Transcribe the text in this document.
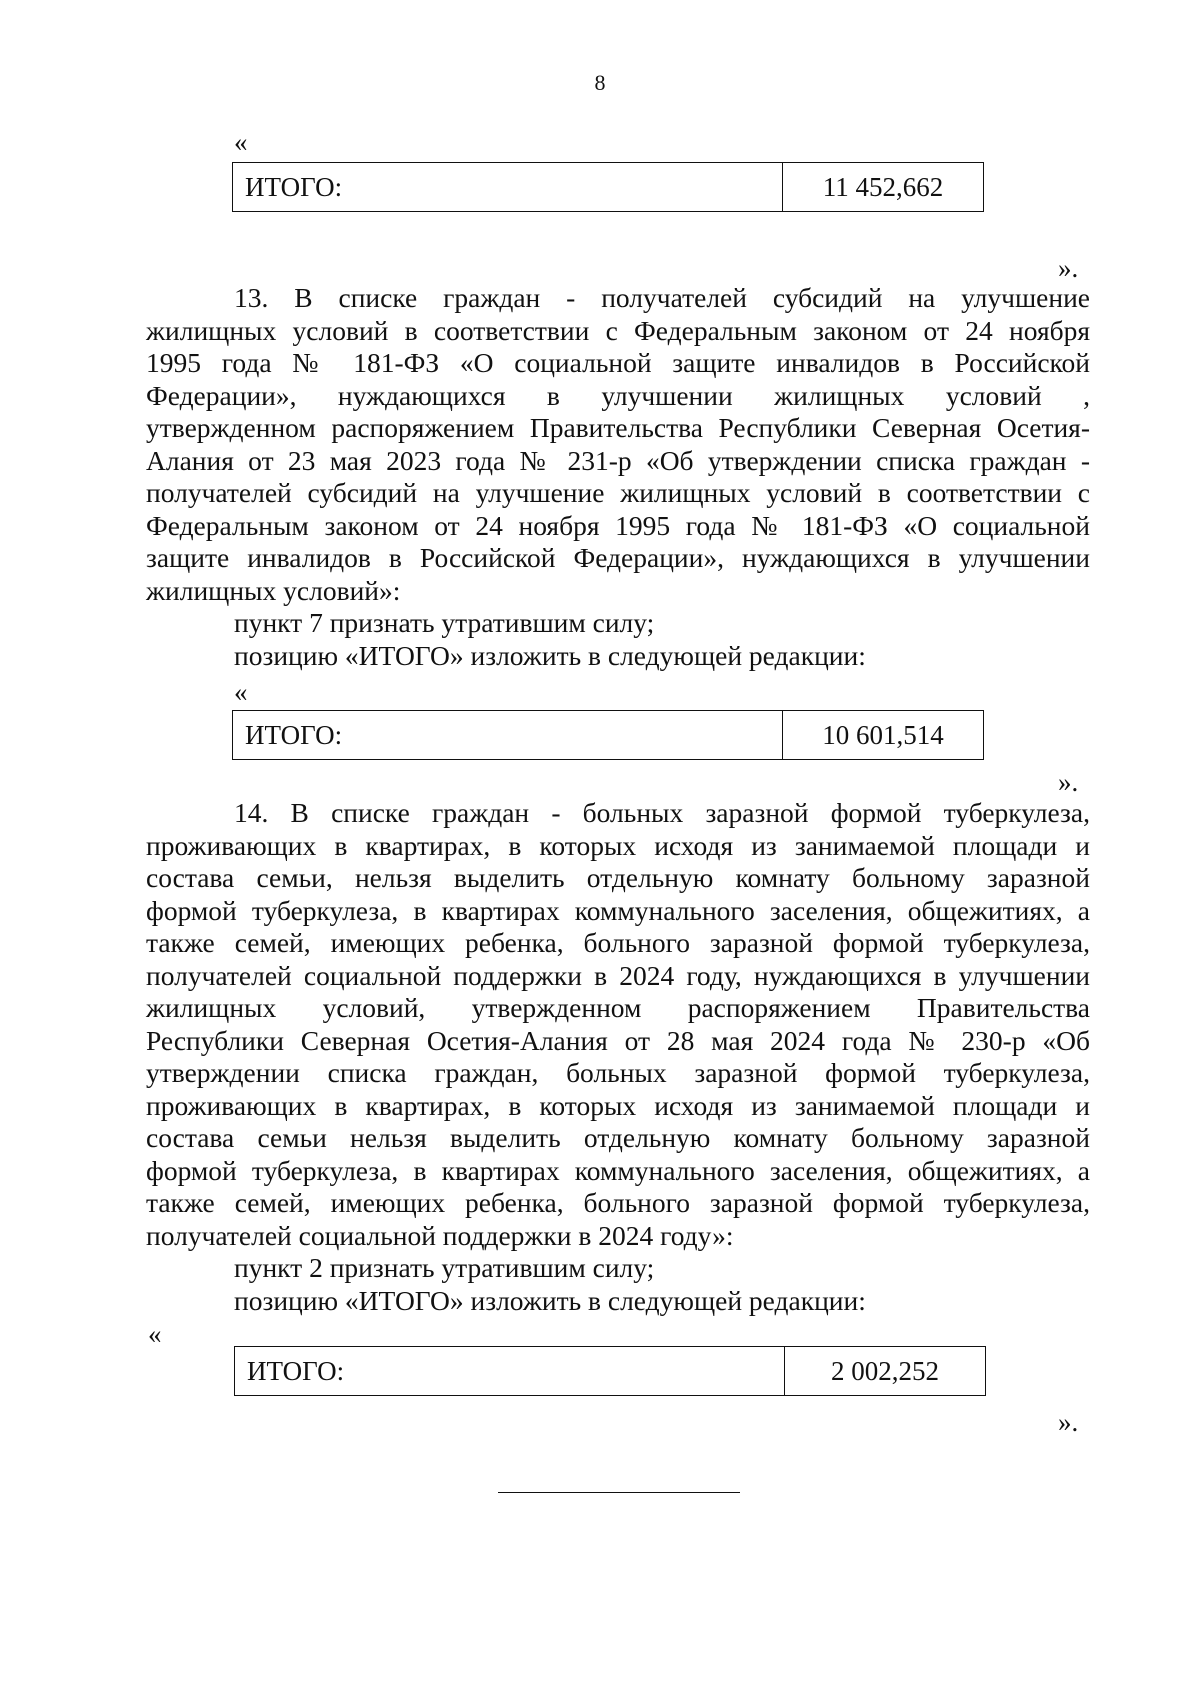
8
«
ИТОГО:	11 452,662
».
13. В списке граждан - получателей субсидий на улучшение
жилищных условий в соответствии с Федеральным законом от 24 ноября
1995 года № 181-ФЗ «О социальной защите инвалидов в Российской
Федерации», нуждающихся в улучшении жилищных условий ,
утвержденном распоряжением Правительства Республики Северная Осетия-
Алания от 23 мая 2023 года № 231-р «Об утверждении списка граждан -
получателей субсидий на улучшение жилищных условий в соответствии с
Федеральным законом от 24 ноября 1995 года № 181-ФЗ «О социальной
защите инвалидов в Российской Федерации», нуждающихся в улучшении
жилищных условий»:
пункт 7 признать утратившим силу;
позицию «ИТОГО» изложить в следующей редакции:
«
ИТОГО:	10 601,514
».
14. В списке граждан - больных заразной формой туберкулеза,
проживающих в квартирах, в которых исходя из занимаемой площади и
состава семьи, нельзя выделить отдельную комнату больному заразной
формой туберкулеза, в квартирах коммунального заселения, общежитиях, а
также семей, имеющих ребенка, больного заразной формой туберкулеза,
получателей социальной поддержки в 2024 году, нуждающихся в улучшении
жилищных условий, утвержденном распоряжением Правительства
Республики Северная Осетия-Алания от 28 мая 2024 года № 230-р «Об
утверждении списка граждан, больных заразной формой туберкулеза,
проживающих в квартирах, в которых исходя из занимаемой площади и
состава семьи нельзя выделить отдельную комнату больному заразной
формой туберкулеза, в квартирах коммунального заселения, общежитиях, а
также семей, имеющих ребенка, больного заразной формой туберкулеза,
получателей социальной поддержки в 2024 году»:
пункт 2 признать утратившим силу;
позицию «ИТОГО» изложить в следующей редакции:
«
ИТОГО:	2 002,252
».
